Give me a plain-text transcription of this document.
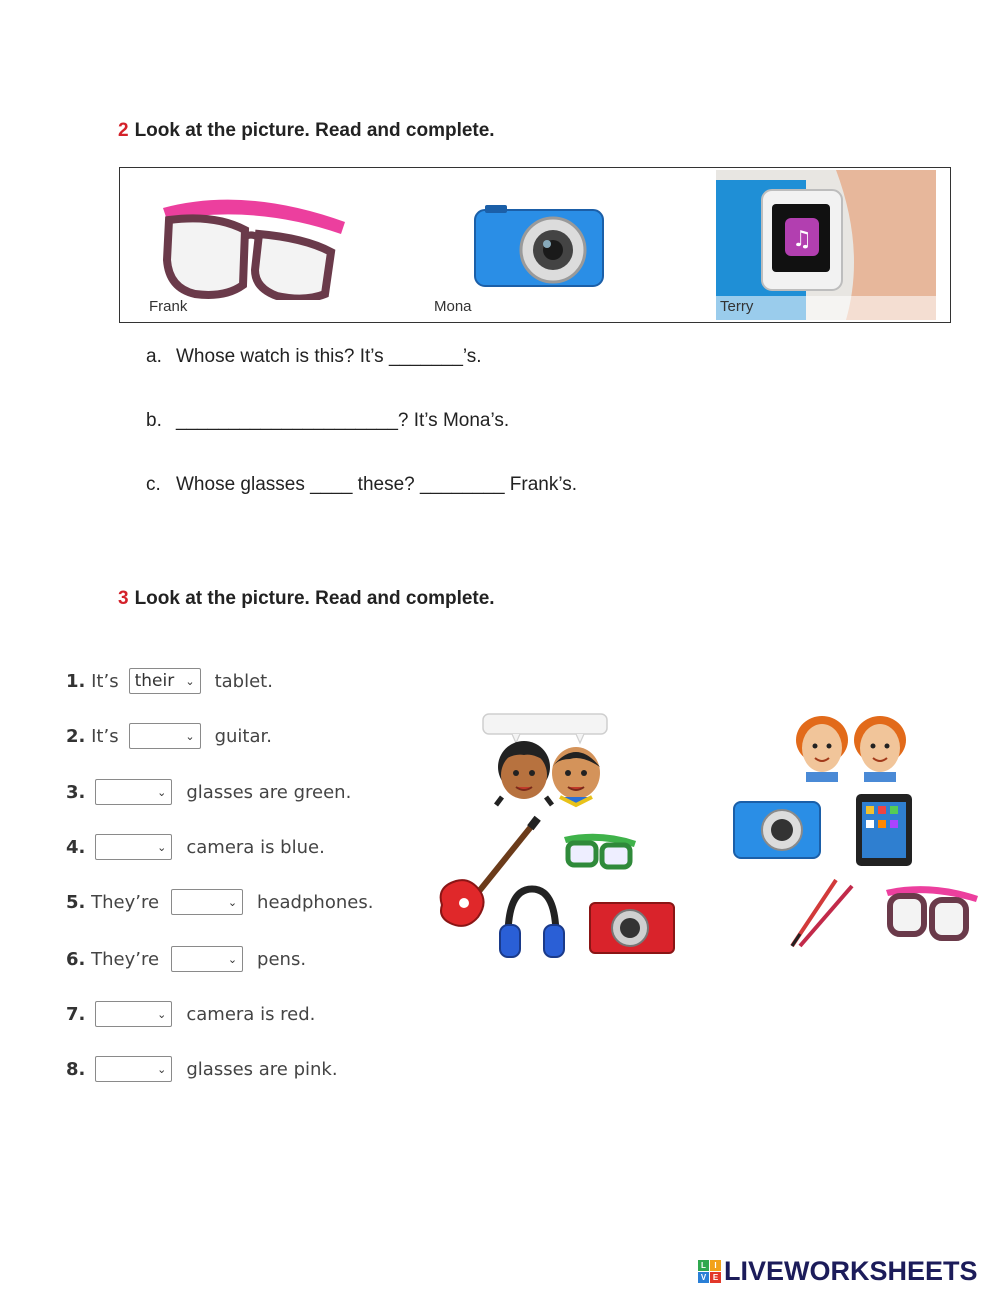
2 Look at the picture. Read and complete.
Frank	Mona
♫
Terry
a. Whose watch is this? It’s _______’s.
b. _____________________? It’s Mona’s.
c. Whose glasses ____ these? ________ Frank’s.
3 Look at the picture. Read and complete.
1.
It’s their ⌄ tablet.
2.
It’s	⌄ guitar.
3.	⌄ glasses are green.
4.	⌄ camera is blue.
5.
They’re	⌄ headphones.
6.
They’re	⌄ pens.
7.	⌄ camera is red.
8.	⌄ glasses are pink.
L	I
V E LIVEWORKSHEETS
